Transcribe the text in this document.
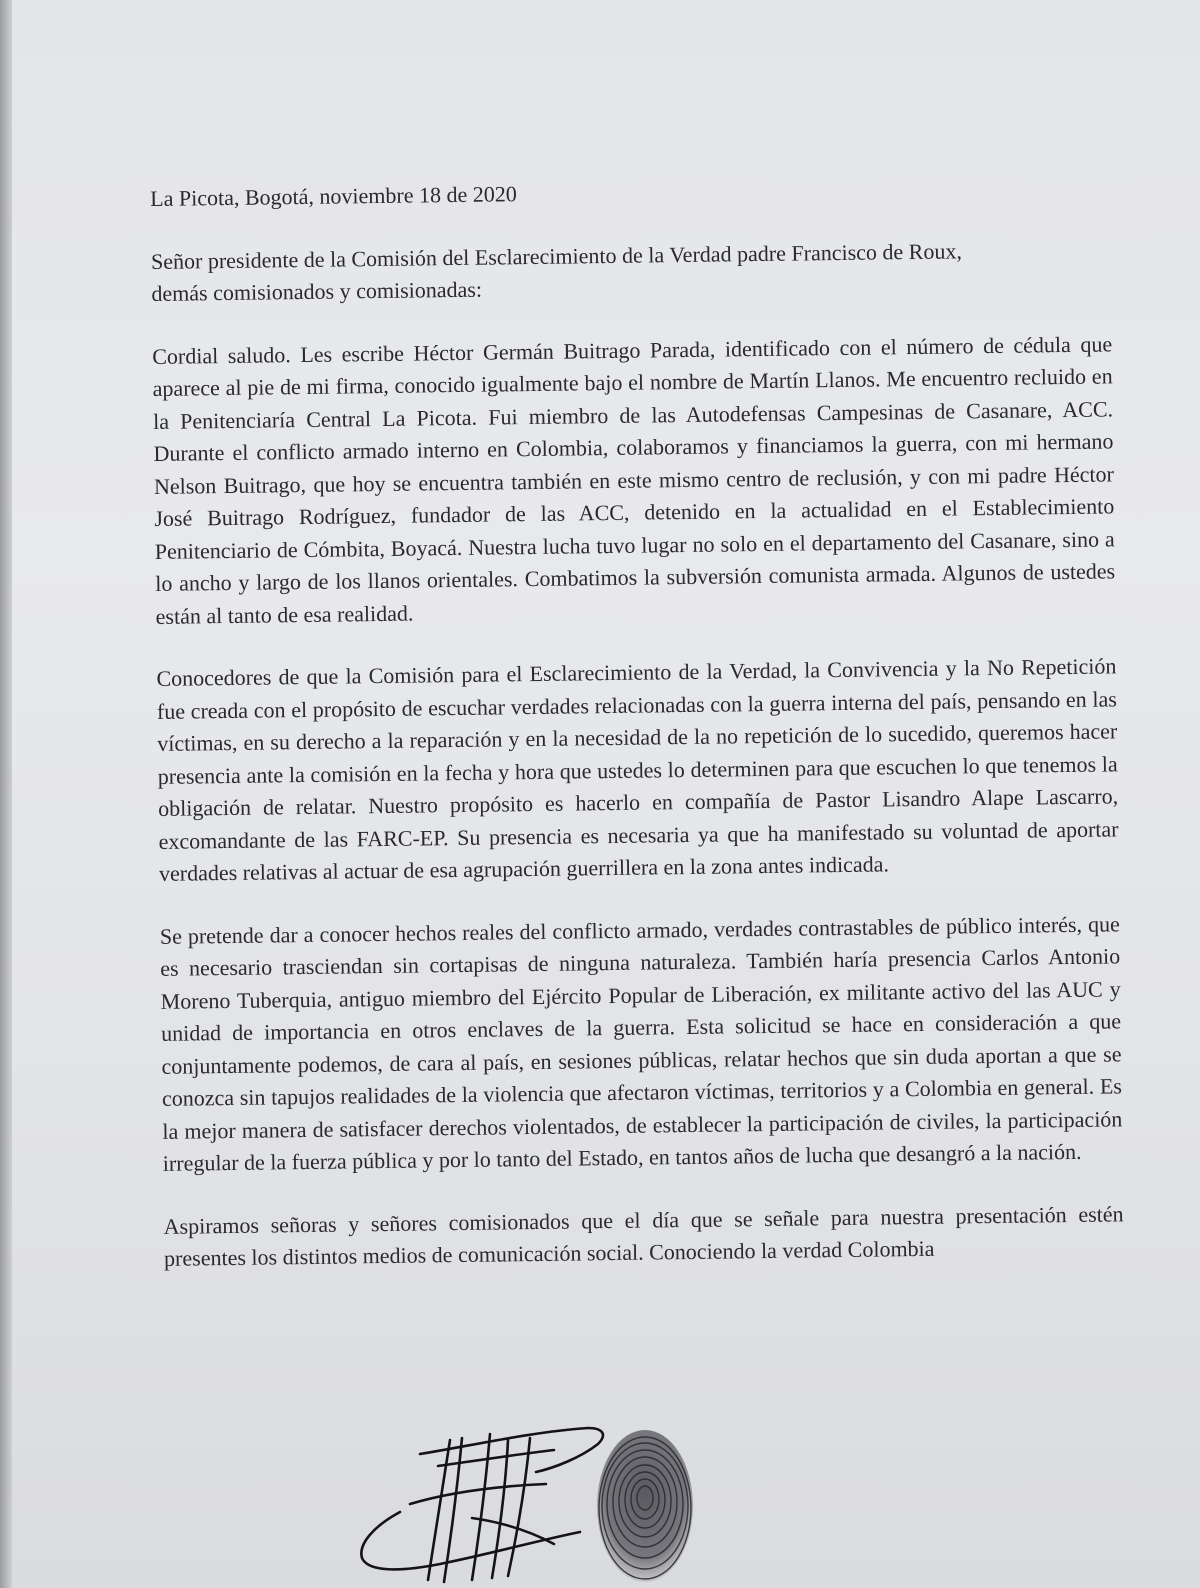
La Picota, Bogotá, noviembre 18 de 2020
Señor presidente de la Comisión del Esclarecimiento de la Verdad padre Francisco de Roux,
demás comisionados y comisionadas:

Cordial saludo. Les escribe Héctor Germán Buitrago Parada, identificado con el número de cédula que aparece al pie de mi firma, conocido igualmente bajo el nombre de Martín Llanos. Me encuentro recluido en la Penitenciaría Central La Picota. Fui miembro de las Autodefensas Campesinas de Casanare, ACC. Durante el conflicto armado interno en Colombia, colaboramos y financiamos la guerra, con mi hermano Nelson Buitrago, que hoy se encuentra también en este mismo centro de reclusión, y con mi padre Héctor José Buitrago Rodríguez, fundador de las ACC, detenido en la actualidad en el Establecimiento Penitenciario de Cómbita, Boyacá. Nuestra lucha tuvo lugar no solo en el departamento del Casanare, sino a lo ancho y largo de los llanos orientales. Combatimos la subversión comunista armada. Algunos de ustedes están al tanto de esa realidad.

Conocedores de que la Comisión para el Esclarecimiento de la Verdad, la Convivencia y la No Repetición fue creada con el propósito de escuchar verdades relacionadas con la guerra interna del país, pensando en las víctimas, en su derecho a la reparación y en la necesidad de la no repetición de lo sucedido, queremos hacer presencia ante la comisión en la fecha y hora que ustedes lo determinen para que escuchen lo que tenemos la obligación de relatar. Nuestro propósito es hacerlo en compañía de Pastor Lisandro Alape Lascarro, excomandante de las FARC-EP. Su presencia es necesaria ya que ha manifestado su voluntad de aportar verdades relativas al actuar de esa agrupación guerrillera en la zona antes indicada.

Se pretende dar a conocer hechos reales del conflicto armado, verdades contrastables de público interés, que es necesario trasciendan sin cortapisas de ninguna naturaleza. También haría presencia Carlos Antonio Moreno Tuberquia, antiguo miembro del Ejército Popular de Liberación, ex militante activo del las AUC y unidad de importancia en otros enclaves de la guerra. Esta solicitud se hace en consideración a que conjuntamente podemos, de cara al país, en sesiones públicas, relatar hechos que sin duda aportan a que se conozca sin tapujos realidades de la violencia que afectaron víctimas, territorios y a Colombia en general. Es la mejor manera de satisfacer derechos violentados, de establecer la participación de civiles, la participación irregular de la fuerza pública y por lo tanto del Estado, en tantos años de lucha que desangró a la nación.

Aspiramos señoras y señores comisionados que el día que se señale para nuestra presentación estén presentes los distintos medios de comunicación social. Conociendo la verdad Colombia
